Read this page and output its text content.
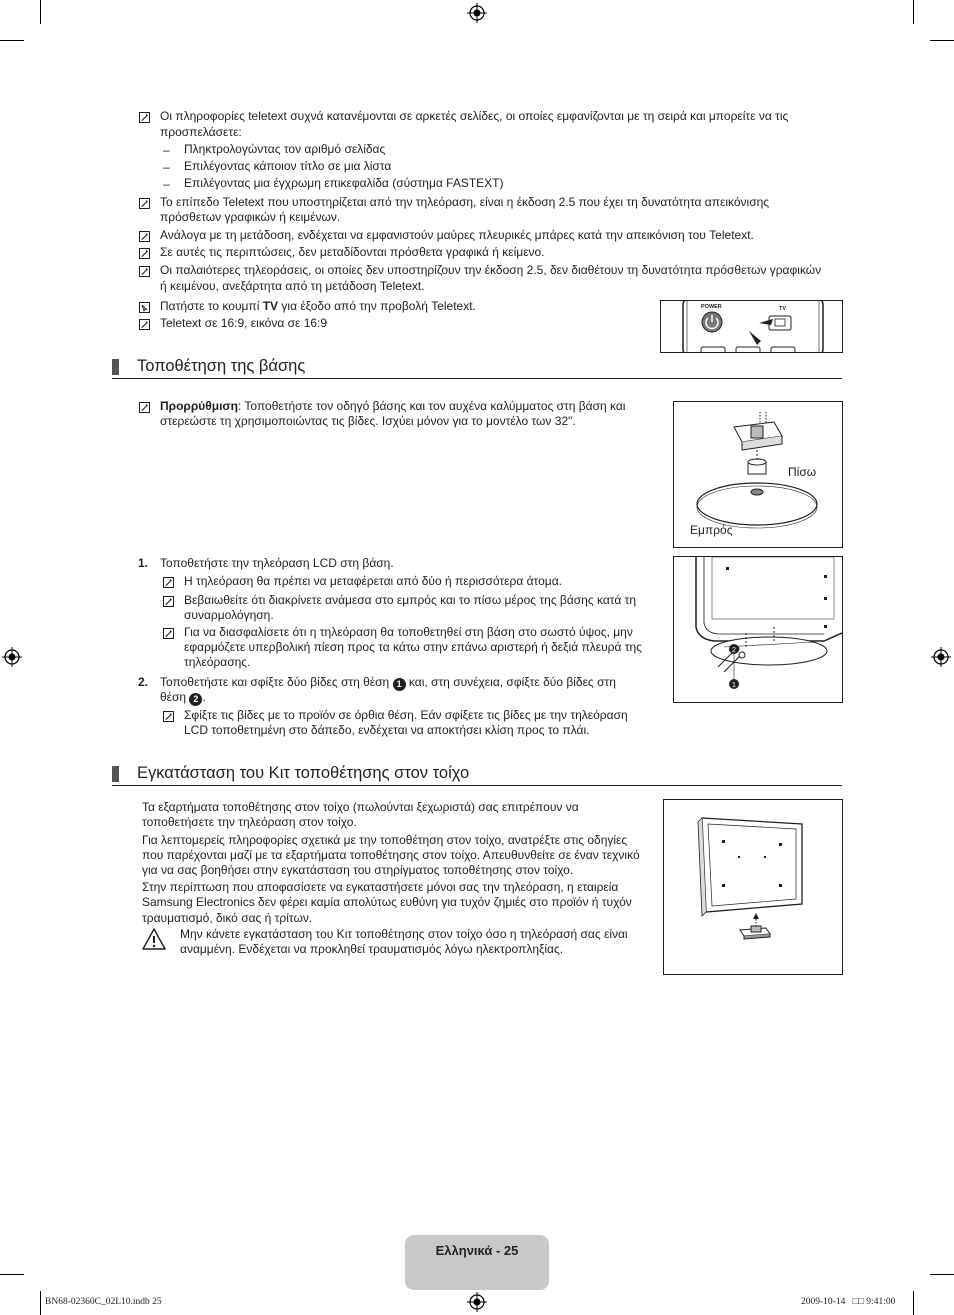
Οι πληροφορίες teletext συχνά κατανέμονται σε αρκετές σελίδες, οι οποίες εμφανίζονται με τη σειρά και μπορείτε να τις
προσπελάσετε:
– Πληκτρολογώντας τον αριθμό σελίδας
– Επιλέγοντας κάποιον τίτλο σε μια λίστα
– Επιλέγοντας μια έγχρωμη επικεφαλίδα (σύστημα FASTEXT)
Το επίπεδο Teletext που υποστηρίζεται από την τηλεόραση, είναι η έκδοση 2.5 που έχει τη δυνατότητα απεικόνισης
πρόσθετων γραφικών ή κειμένων.
Ανάλογα με τη μετάδοση, ενδέχεται να εμφανιστούν μαύρες πλευρικές μπάρες κατά την απεικόνιση του Teletext.
Σε αυτές τις περιπτώσεις, δεν μεταδίδονται πρόσθετα γραφικά ή κείμενο.
Οι παλαιότερες τηλεοράσεις, οι οποίες δεν υποστηρίζουν την έκδοση 2.5, δεν διαθέτουν τη δυνατότητα πρόσθετων γραφικών
ή κειμένου, ανεξάρτητα από τη μετάδοση Teletext.
Πατήστε το κουμπί TV για έξοδο από την προβολή Teletext.
Teletext σε 16:9, εικόνα σε 16:9
POWER	TV
Τοποθέτηση της βάσης
Προρρύθμιση: Τοποθετήστε τον οδηγό βάσης και τον αυχένα καλύμματος στη βάση και
στερεώστε τη χρησιμοποιώντας τις βίδες. Ισχύει μόνον για το μοντέλο των 32".
Πίσω
Εμπρός
1. Τοποθετήστε την τηλεόραση LCD στη βάση.
Η τηλεόραση θα πρέπει να μεταφέρεται από δύο ή περισσότερα άτομα.
Βεβαιωθείτε ότι διακρίνετε ανάμεσα στο εμπρός και το πίσω μέρος της βάσης κατά τη
συναρμολόγηση.
Για να διασφαλίσετε ότι η τηλεόραση θα τοποθετηθεί στη βάση στο σωστό ύψος, μην
εφαρμόζετε υπερβολική πίεση προς τα κάτω στην επάνω αριστερή ή δεξιά πλευρά της
τηλεόρασης.
2. Τοποθετήστε και σφίξτε δύο βίδες στη θέση 1 και, στη συνέχεια, σφίξτε δύο βίδες στη
θέση 2 .
Σφίξτε τις βίδες με το προϊόν σε όρθια θέση. Εάν σφίξετε τις βίδες με την τηλεόραση
LCD τοποθετημένη στο δάπεδο, ενδέχεται να αποκτήσει κλίση προς το πλάι.
2
1
Εγκατάσταση του Κιτ τοποθέτησης στον τοίχο
Τα εξαρτήματα τοποθέτησης στον τοίχο (πωλούνται ξεχωριστά) σας επιτρέπουν να
τοποθετήσετε την τηλεόραση στον τοίχο.
Για λεπτομερείς πληροφορίες σχετικά με την τοποθέτηση στον τοίχο, ανατρέξτε στις οδηγίες
που παρέχονται μαζί με τα εξαρτήματα τοποθέτησης στον τοίχο. Απευθυνθείτε σε έναν τεχνικό
για να σας βοηθήσει στην εγκατάσταση του στηρίγματος τοποθέτησης στον τοίχο.
Στην περίπτωση που αποφασίσετε να εγκαταστήσετε μόνοι σας την τηλεόραση, η εταιρεία
Samsung Electronics δεν φέρει καμία απολύτως ευθύνη για τυχόν ζημιές στο προϊόν ή τυχόν
τραυματισμό, δικό σας ή τρίτων.
Μην κάνετε εγκατάσταση του Κιτ τοποθέτησης στον τοίχο όσο η τηλεόρασή σας είναι
αναμμένη. Ενδέχεται να προκληθεί τραυματισμός λόγω ηλεκτροπληξίας.
Ελληνικά - 25
BN68-02360C_02L10.indb 25	2009-10-14   □□ 9:41:00
